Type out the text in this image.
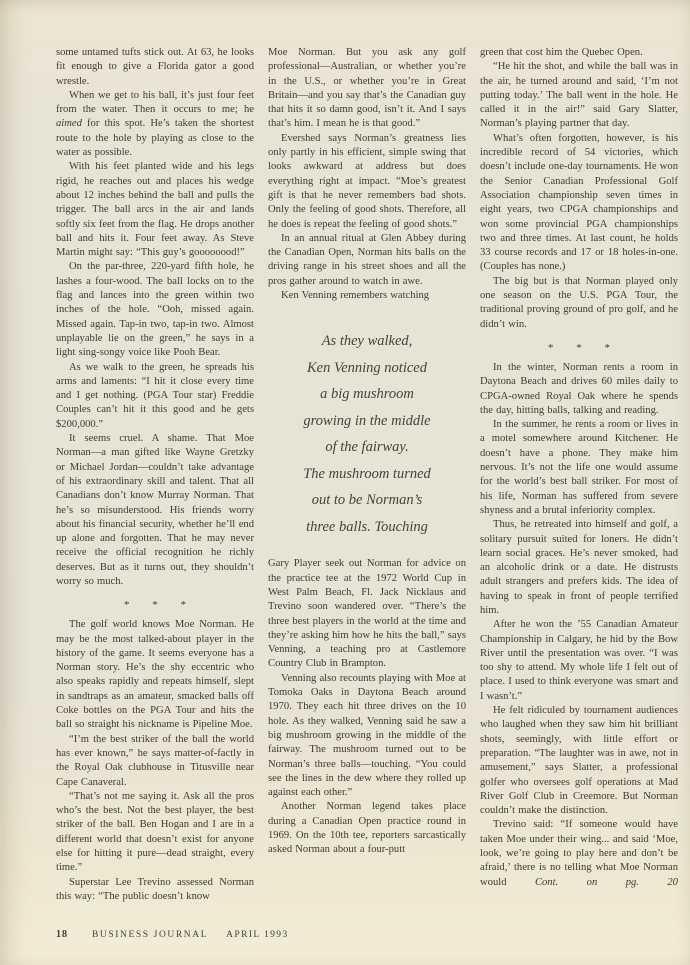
some untamed tufts stick out. At 63, he looks fit enough to give a Florida gator a good wrestle.

When we get to his ball, it’s just four feet from the water. Then it occurs to me; he aimed for this spot. He’s taken the shortest route to the hole by playing as close to the water as possible.

With his feet planted wide and his legs rigid, he reaches out and places his wedge about 12 inches behind the ball and pulls the trigger. The ball arcs in the air and lands softly six feet from the flag. He drops another ball and hits it. Four feet away. As Steve Martin might say: “This guy’s goooooood!”

On the par-three, 220-yard fifth hole, he lashes a four-wood. The ball locks on to the flag and lances into the green within two inches of the hole. “Ooh, missed again. Missed again. Tap-in two, tap-in two. Almost unplayable lie on the green,” he says in a light sing-songy voice like Pooh Bear.

As we walk to the green, he spreads his arms and laments: “I hit it close every time and I get nothing. (PGA Tour star) Freddie Couples can’t hit it this good and he gets $200,000.”

It seems cruel. A shame. That Moe Norman—a man gifted like Wayne Gretzky or Michael Jordan—couldn’t take advantage of his extraordinary skill and talent. That all Canadians don’t know Murray Norman. That he’s so misunderstood. His friends worry about his financial security, whether he’ll end up alone and forgotten. That he may never receive the official recognition he richly deserves. But as it turns out, they shouldn’t worry so much.

* * *

The golf world knows Moe Norman. He may be the most talked-about player in the history of the game. It seems everyone has a Norman story. He’s the shy eccentric who also speaks rapidly and repeats himself, slept in sandtraps as an amateur, smacked balls off Coke bottles on the PGA Tour and hits the ball so straight his nickname is Pipeline Moe.

“I’m the best striker of the ball the world has ever known,” he says matter-of-factly in the Royal Oak clubhouse in Titusville near Cape Canaveral.

“That’s not me saying it. Ask all the pros who’s the best. Not the best player, the best striker of the ball. Ben Hogan and I are in a different world that doesn’t exist for anyone else for hitting it pure—dead straight, every time.”

Superstar Lee Trevino assessed Norman this way: “The public doesn’t know

Moe Norman. But you ask any golf professional—Australian, or whether you’re in the U.S., or whether you’re in Great Britain—and you say that’s the Canadian guy that hits it so damn good, isn’t it. And I says that’s him. I mean he is that good.”

Evershed says Norman’s greatness lies only partly in his efficient, simple swing that looks awkward at address but does everything right at impact. “Moe’s greatest gift is that he never remembers bad shots. Only the feeling of good shots. Therefore, all he does is repeat the feeling of good shots.”

In an annual ritual at Glen Abbey during the Canadian Open, Norman hits balls on the driving range in his street shoes and all the pros gather around to watch in awe.

Ken Venning remembers watching

As they walked,
Ken Venning noticed
a big mushroom
growing in the middle
of the fairway.
The mushroom turned
out to be Norman’s
three balls. Touching

Gary Player seek out Norman for advice on the practice tee at the 1972 World Cup in West Palm Beach, Fl. Jack Nicklaus and Trevino soon wandered over. “There’s the three best players in the world at the time and they’re asking him how he hits the ball,” says Venning, a teaching pro at Castlemore Country Club in Brampton.

Venning also recounts playing with Moe at Tomoka Oaks in Daytona Beach around 1970. They each hit three drives on the 10 hole. As they walked, Venning said he saw a big mushroom growing in the middle of the fairway. The mushroom turned out to be Norman’s three balls—touching. “You could see the lines in the dew where they rolled up against each other.”

Another Norman legend takes place during a Canadian Open practice round in 1969. On the 10th tee, reporters sarcastically asked Norman about a four-putt

green that cost him the Quebec Open.

“He hit the shot, and while the ball was in the air, he turned around and said, ‘I’m not putting today.’ The ball went in the hole. He called it in the air!” said Gary Slatter, Norman’s playing partner that day.

What’s often forgotten, however, is his incredible record of 54 victories, which doesn’t include one-day tournaments. He won the Senior Canadian Professional Golf Association championship seven times in eight years, two CPGA championships and won some provincial PGA championships two and three times. At last count, he holds 33 course records and 17 or 18 holes-in-one. (Couples has none.)

The big but is that Norman played only one season on the U.S. PGA Tour, the traditional proving ground of pro golf, and he didn’t win.

* * *

In the winter, Norman rents a room in Daytona Beach and drives 60 miles daily to CPGA-owned Royal Oak where he spends the day, hitting balls, talking and reading.

In the summer, he rents a room or lives in a motel somewhere around Kitchener. He doesn’t have a phone. They make him nervous. It’s not the life one would assume for the world’s best ball striker. For most of his life, Norman has suffered from severe shyness and a brutal inferiority complex.

Thus, he retreated into himself and golf, a solitary pursuit suited for loners. He didn’t learn social graces. He’s never smoked, had an alcoholic drink or a date. He distrusts adult strangers and prefers kids. The idea of having to speak in front of people terrified him.

After he won the ’55 Canadian Amateur Championship in Calgary, he hid by the Bow River until the presentation was over. “I was too shy to attend. My whole life I felt out of place. I used to think everyone was smart and I wasn’t.”

He felt ridiculed by tournament audiences who laughed when they saw him hit brilliant shots, seemingly, with little effort or preparation. “The laughter was in awe, not in amusement,” says Slatter, a professional golfer who oversees golf operations at Mad River Golf Club in Creemore. But Norman couldn’t make the distinction.

Trevino said: “If someone would have taken Moe under their wing... and said ‘Moe, look, we’re going to play here and don’t be afraid,’ there is no telling what Moe Norman would Cont. on pg. 20

18	BUSINESS JOURNAL APRIL 1993
